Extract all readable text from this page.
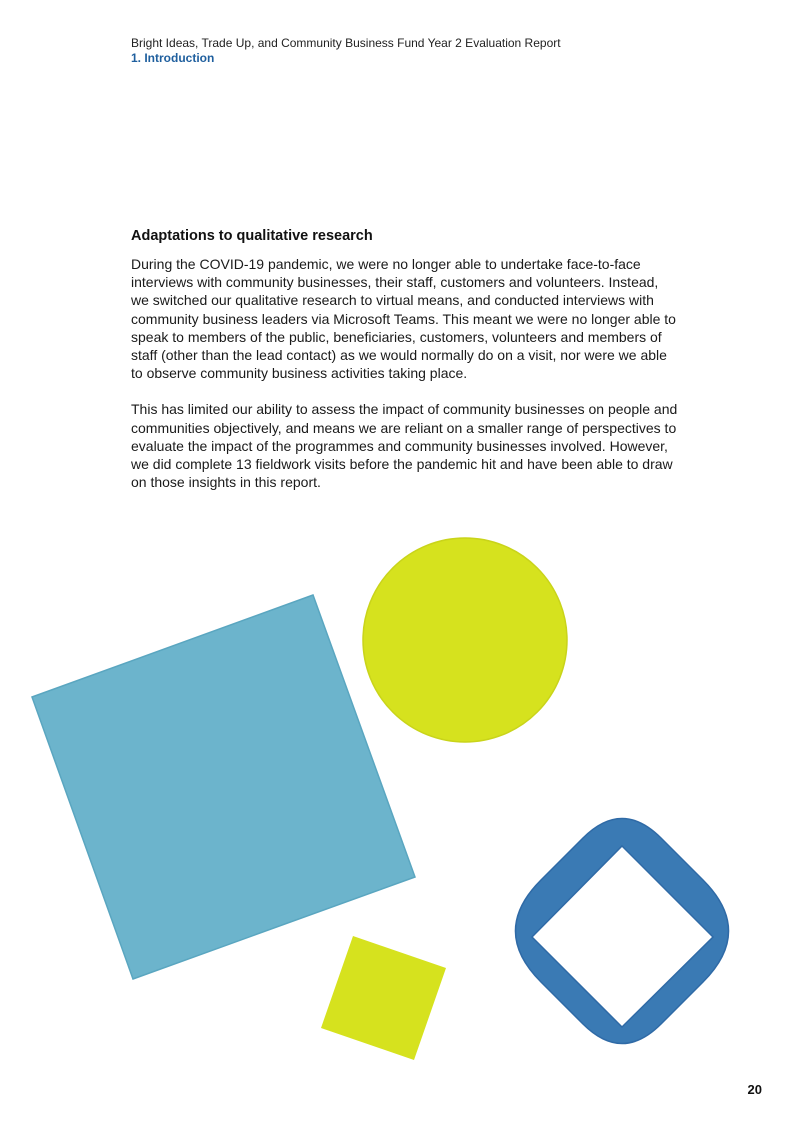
Bright Ideas, Trade Up, and Community Business Fund Year 2 Evaluation Report
1. Introduction
Adaptations to qualitative research

During the COVID-19 pandemic, we were no longer able to undertake face-to-face interviews with community businesses, their staff, customers and volunteers. Instead, we switched our qualitative research to virtual means, and conducted interviews with community business leaders via Microsoft Teams. This meant we were no longer able to speak to members of the public, beneficiaries, customers, volunteers and members of staff (other than the lead contact) as we would normally do on a visit, nor were we able to observe community business activities taking place.

This has limited our ability to assess the impact of community businesses on people and communities objectively, and means we are reliant on a smaller range of perspectives to evaluate the impact of the programmes and community businesses involved. However, we did complete 13 fieldwork visits before the pandemic hit and have been able to draw on those insights in this report.

20
